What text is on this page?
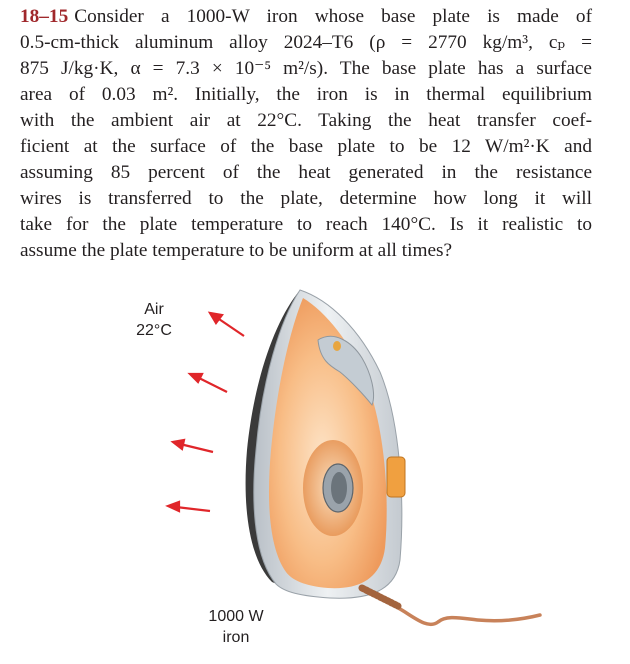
18–15 Consider a 1000-W iron whose base plate is made of
0.5-cm-thick aluminum alloy 2024–T6 (ρ = 2770 kg/m³, cₚ =
875 J/kg·K, α = 7.3 × 10⁻⁵ m²/s). The base plate has a surface
area of 0.03 m². Initially, the iron is in thermal equilibrium
with the ambient air at 22°C. Taking the heat transfer coef-
ficient at the surface of the base plate to be 12 W/m²·K and
assuming 85 percent of the heat generated in the resistance
wires is transferred to the plate, determine how long it will
take for the plate temperature to reach 140°C. Is it realistic to
assume the plate temperature to be uniform at all times?
Air
22°C
1000 W
iron
